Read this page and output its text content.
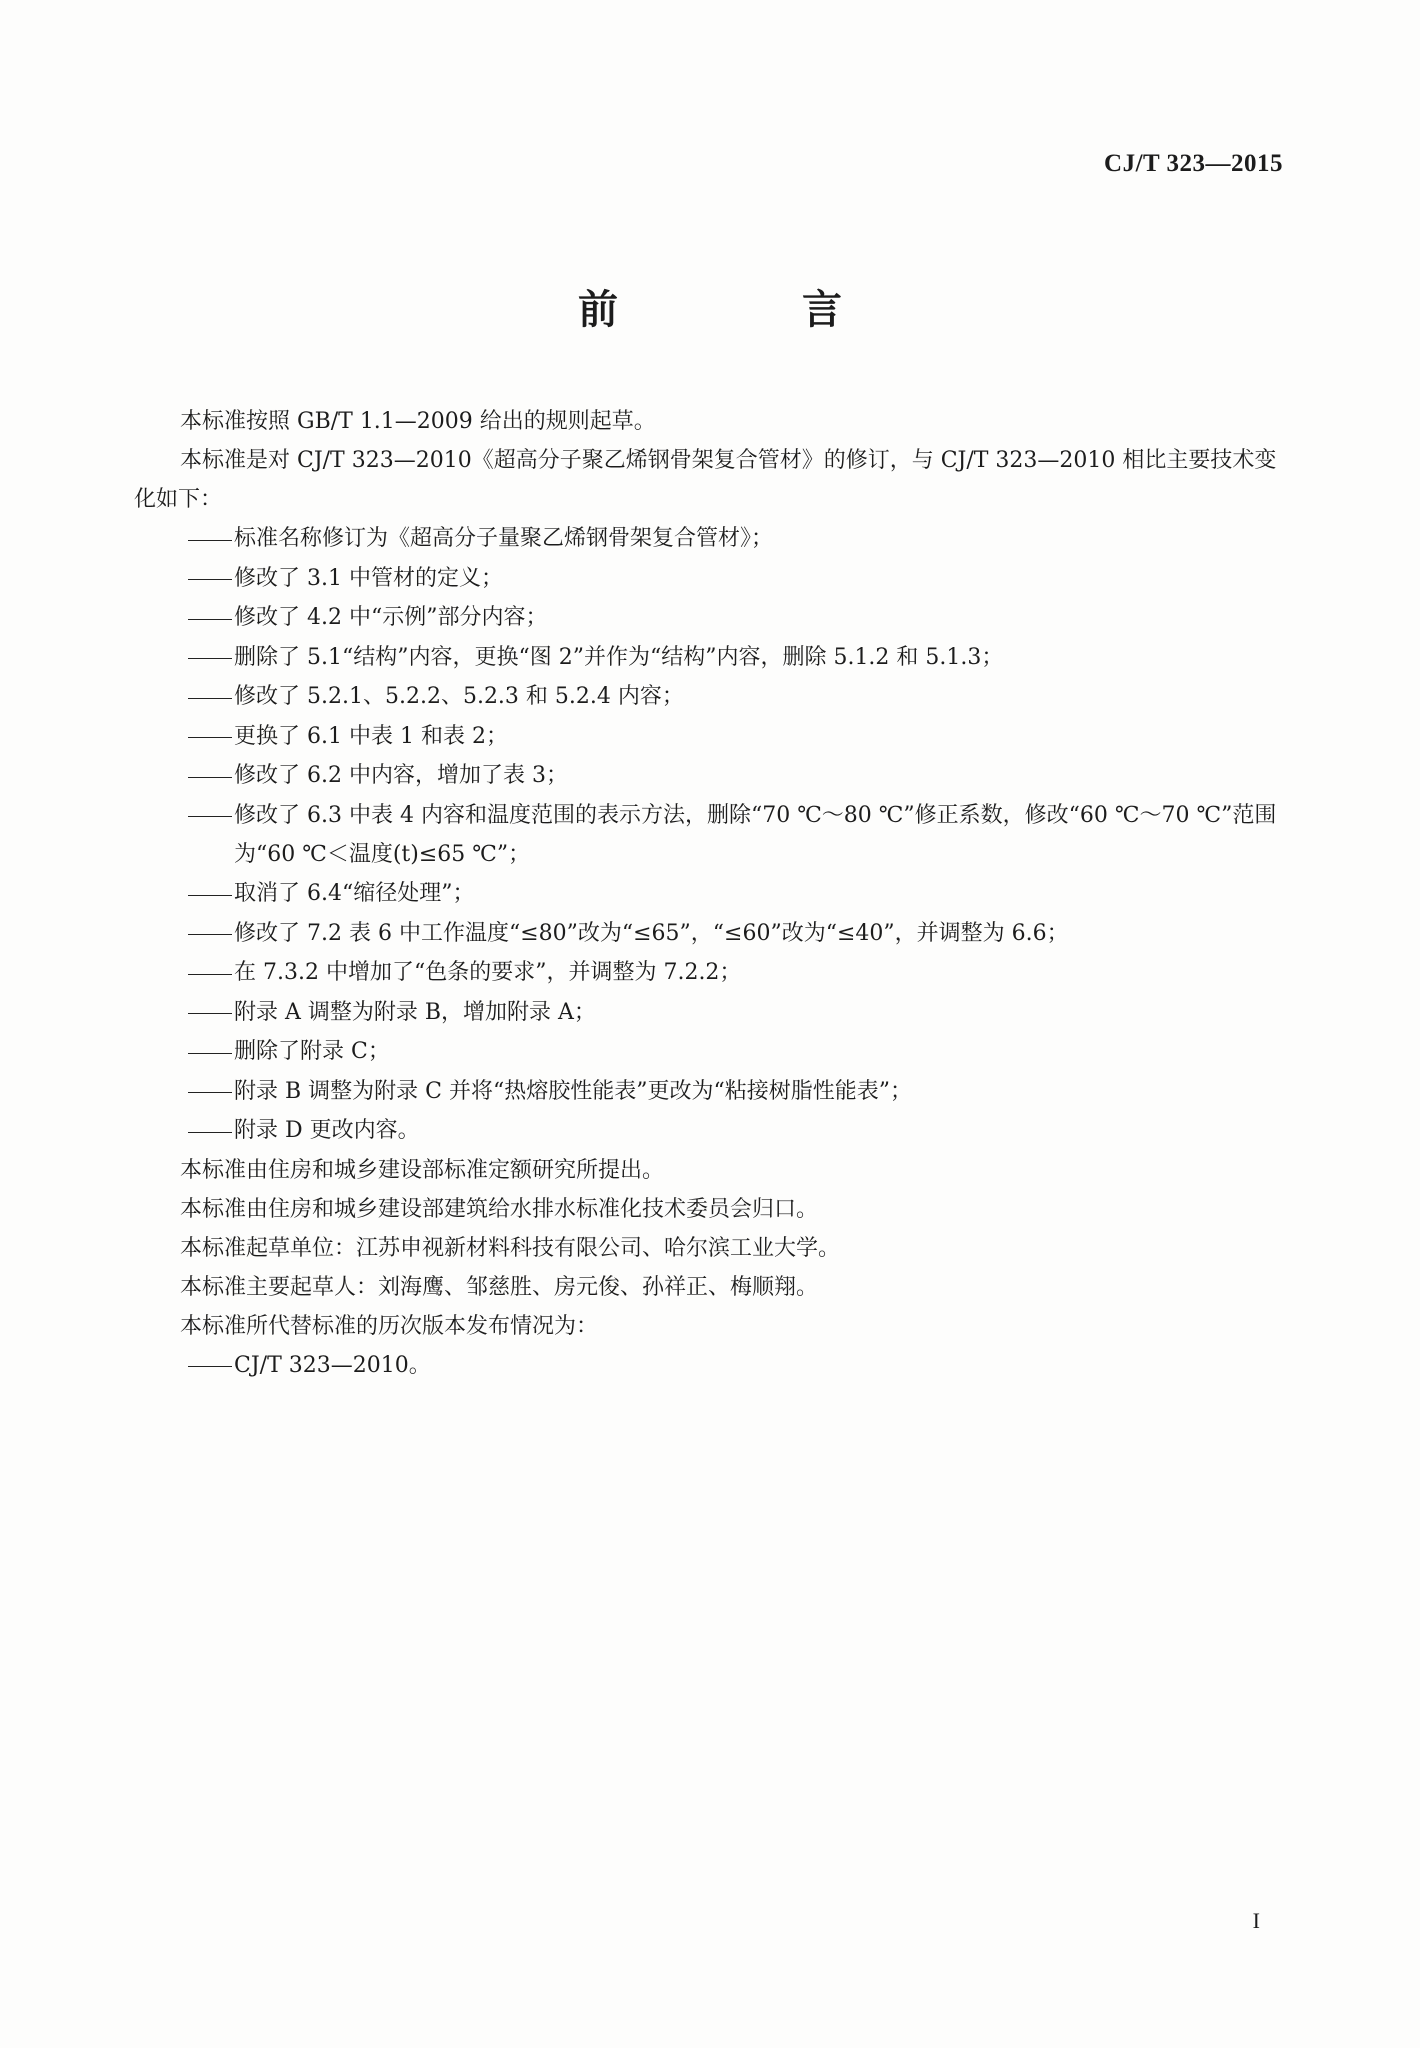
CJ/T 323—2015
前　言

本标准按照 GB/T 1.1—2009 给出的规则起草。

本标准是对 CJ/T 323—2010《超高分子聚乙烯钢骨架复合管材》的修订，与 CJ/T 323—2010 相比主要技术变化如下：

标准名称修订为《超高分子量聚乙烯钢骨架复合管材》；

修改了 3.1 中管材的定义；

修改了 4.2 中“示例”部分内容；

删除了 5.1“结构”内容，更换“图 2”并作为“结构”内容，删除 5.1.2 和 5.1.3；

修改了 5.2.1、5.2.2、5.2.3 和 5.2.4 内容；

更换了 6.1 中表 1 和表 2；

修改了 6.2 中内容，增加了表 3；

修改了 6.3 中表 4 内容和温度范围的表示方法，删除“70 ℃～80 ℃”修正系数，修改“60 ℃～70 ℃”范围为“60 ℃＜温度(t)≤65 ℃”；

取消了 6.4“缩径处理”；

修改了 7.2 表 6 中工作温度“≤80”改为“≤65”，“≤60”改为“≤40”，并调整为 6.6；

在 7.3.2 中增加了“色条的要求”，并调整为 7.2.2；

附录 A 调整为附录 B，增加附录 A；

删除了附录 C；

附录 B 调整为附录 C 并将“热熔胶性能表”更改为“粘接树脂性能表”；

附录 D 更改内容。

本标准由住房和城乡建设部标准定额研究所提出。

本标准由住房和城乡建设部建筑给水排水标准化技术委员会归口。

本标准起草单位：江苏申视新材料科技有限公司、哈尔滨工业大学。

本标准主要起草人：刘海鹰、邹慈胜、房元俊、孙祥正、梅顺翔。

本标准所代替标准的历次版本发布情况为：

CJ/T 323—2010。

I
